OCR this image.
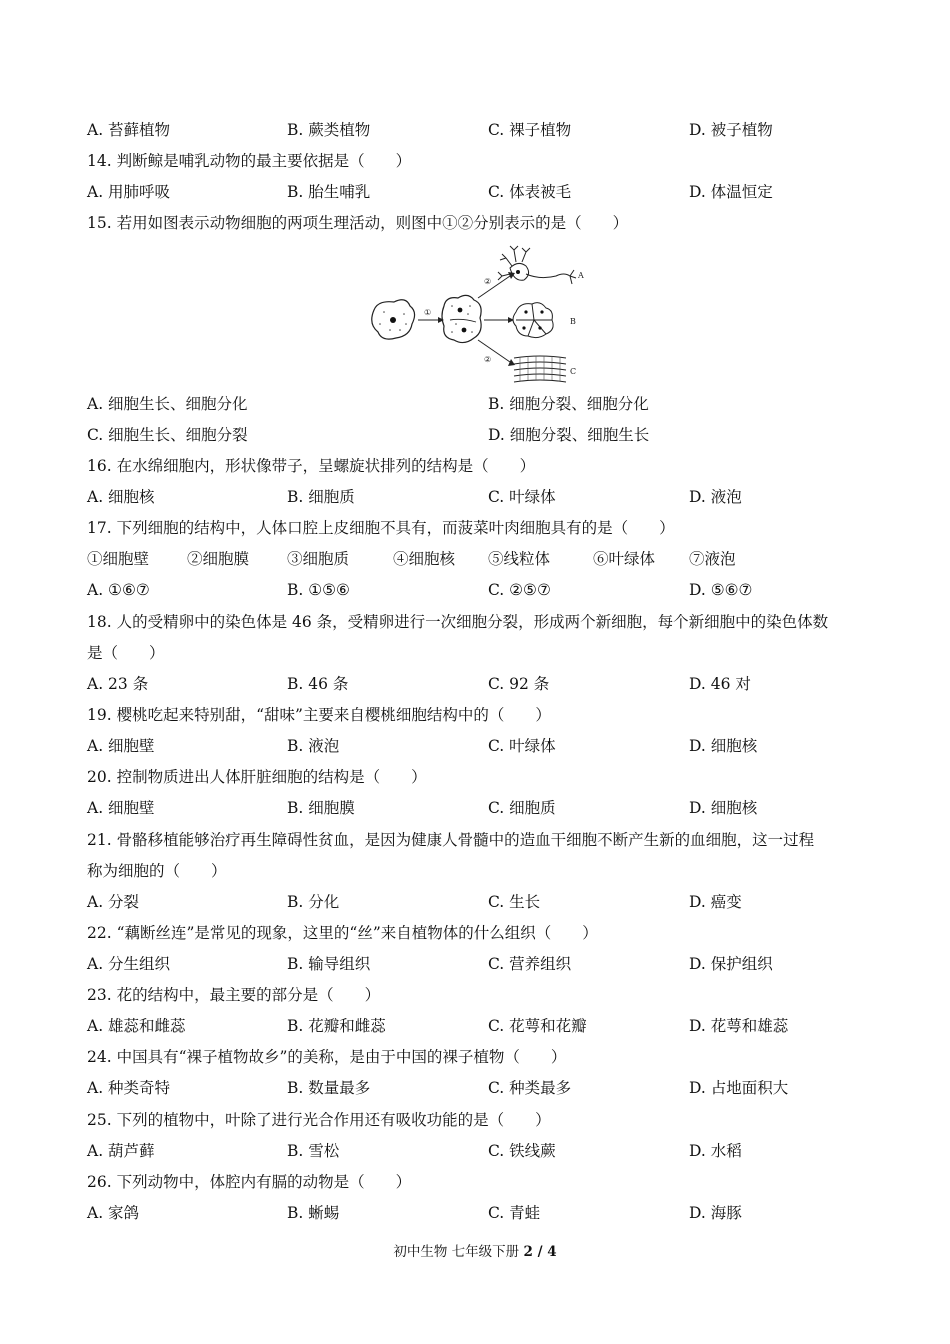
A. 苔藓植物	B. 蕨类植物	C. 裸子植物	D. 被子植物
14. 判断鲸是哺乳动物的最主要依据是（　　）
A. 用肺呼吸	B. 胎生哺乳	C. 体表被毛	D. 体温恒定
15. 若用如图表示动物细胞的两项生理活动，则图中①②分别表示的是（　　）
①
②
②
A
B
C
A. 细胞生长、细胞分化	B. 细胞分裂、细胞分化
C. 细胞生长、细胞分裂	D. 细胞分裂、细胞生长
16. 在水绵细胞内，形状像带子，呈螺旋状排列的结构是（　　）
A. 细胞核	B. 细胞质	C. 叶绿体	D. 液泡
17. 下列细胞的结构中，人体口腔上皮细胞不具有，而菠菜叶肉细胞具有的是（　　）
①细胞壁 ②细胞膜 ③细胞质	④细胞核 ⑤线粒体	⑥叶绿体 ⑦液泡
A. ①⑥⑦	B. ①⑤⑥	C. ②⑤⑦	D. ⑤⑥⑦
18. 人的受精卵中的染色体是 46 条，受精卵进行一次细胞分裂，形成两个新细胞，每个新细胞中的染色体数
是（　　）
A. 23 条	B. 46 条	C. 92 条	D. 46 对
19. 樱桃吃起来特别甜，“甜味”主要来自樱桃细胞结构中的（　　）
A. 细胞壁	B. 液泡	C. 叶绿体	D. 细胞核
20. 控制物质进出人体肝脏细胞的结构是（　　）
A. 细胞壁	B. 细胞膜	C. 细胞质	D. 细胞核
21. 骨骼移植能够治疗再生障碍性贫血，是因为健康人骨髓中的造血干细胞不断产生新的血细胞，这一过程
称为细胞的（　　）
A. 分裂	B. 分化	C. 生长	D. 癌变
22. “藕断丝连”是常见的现象，这里的“丝”来自植物体的什么组织（　　）
A. 分生组织	B. 输导组织	C. 营养组织	D. 保护组织
23. 花的结构中，最主要的部分是（　　）
A. 雄蕊和雌蕊	B. 花瓣和雌蕊	C. 花萼和花瓣	D. 花萼和雄蕊
24. 中国具有“裸子植物故乡”的美称，是由于中国的裸子植物（　　）
A. 种类奇特	B. 数量最多	C. 种类最多	D. 占地面积大
25. 下列的植物中，叶除了进行光合作用还有吸收功能的是（　　）
A. 葫芦藓	B. 雪松	C. 铁线蕨	D. 水稻
26. 下列动物中，体腔内有膈的动物是（　　）
A. 家鸽	B. 蜥蜴	C. 青蛙	D. 海豚
初中生物 七年级下册 2 / 4
